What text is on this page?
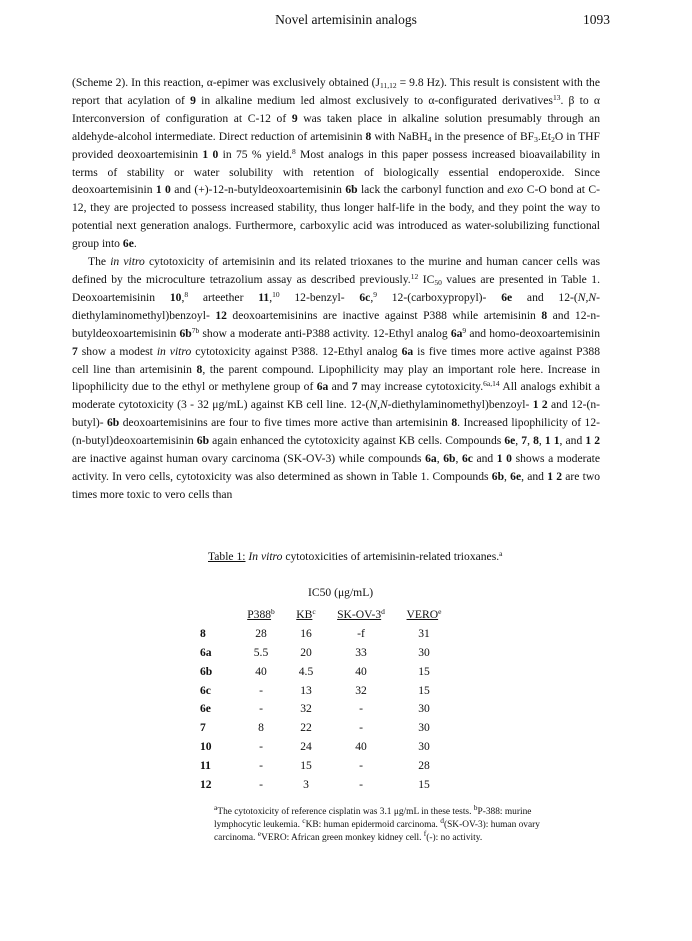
Novel artemisinin analogs	1093

(Scheme 2). In this reaction, α-epimer was exclusively obtained ($J_{11,12} = 9.8$ Hz). This result is consistent with the report that acylation of 9 in alkaline medium led almost exclusively to α-configurated derivatives$^{13}$. β to α Interconversion of configuration at C-12 of 9 was taken place in alkaline solution presumably through an aldehyde-alcohol intermediate. Direct reduction of artemisinin 8 with NaBH$_4$ in the presence of $BF_3.Et_2O$ in THF provided deoxoartemisinin 1 0 in 75 % yield.$^8$ Most analogs in this paper possess increased bioavailability in terms of stability or water solubility with retention of biologically essential endoperoxide. Since deoxoartemisinin 1 0 and (+)-12-n-butyldeoxoartemisinin 6b lack the carbonyl function and exo C-O bond at C-12, they are projected to possess increased stability, thus longer half-life in the body, and they point the way to potential next generation analogs. Furthermore, carboxylic acid was introduced as water-solubilizing functional group into 6e.

The in vitro cytotoxicity of artemisinin and its related trioxanes to the murine and human cancer cells was defined by the microculture tetrazolium assay as described previously.$^{12}$ $IC_{50}$ values are presented in Table 1. Deoxoartemisinin 10,$^8$ arteether 11,10 12-benzyl- 6c,$^9$ 12-(carboxypropyl)- 6e and 12-(N,N-diethylaminomethyl)benzoyl- 12 deoxoartemisinins are inactive against P388 while artemisinin 8 and 12-n-butyldeoxoartemisinin $6b^{7b}$ show a moderate anti-P388 activity. 12-Ethyl analog $6a^9$ and homo-deoxoartemisinin 7 show a modest in vitro cytotoxicity against P388. 12-Ethyl analog 6a is five times more active against P388 cell line than artemisinin 8, the parent compound. Lipophilicity may play an important role here. Increase in lipophilicity due to the ethyl or methylene group of 6a and 7 may increase cytotoxicity.$^{6a,14}$ All analogs exhibit a moderate cytotoxicity (3 - 32 μg/mL) against KB cell line. 12-(N,N-diethylaminomethyl)benzoyl- 1 2 and 12-(n-butyl)- 6b deoxoartemisinins are four to five times more active than artemisinin 8. Increased lipophilicity of 12-(n-butyl)deoxoartemisinin 6b again enhanced the cytotoxicity against KB cells. Compounds 6e, 7, 8, 1 1, and 1 2 are inactive against human ovary carcinoma (SK-OV-3) while compounds 6a, 6b, 6c and 1 0 shows a moderate activity. In vero cells, cytotoxicity was also determined as shown in Table 1. Compounds 6b, 6e, and 1 2 are two times more toxic to vero cells than

Table 1: In vitro cytotoxicities of artemisinin-related trioxanes.$^a$
IC50 (μg/mL)
	P388$^b$	$KB^c$	SK-OV-3$^d$	VERO$^e$
8	28	16	-f	31
6a	5.5	20	33	30
6b	40	4.5	40	15
6c	-	13	32	15
6e	-	32	-	30
7	8	22	-	30
10	-	24	40	30
11	-	15	-	28
12	-	3	-	15
$^a$The cytotoxicity of reference cisplatin was 3.1 μg/mL in these tests. $^b$P-388: murine lymphocytic leukemia. $^c$KB: human epidermoid carcinoma. $^d$(SK-OV-3): human ovary carcinoma. $^e$VERO: African green monkey kidney cell. $^f$(-): no activity.
